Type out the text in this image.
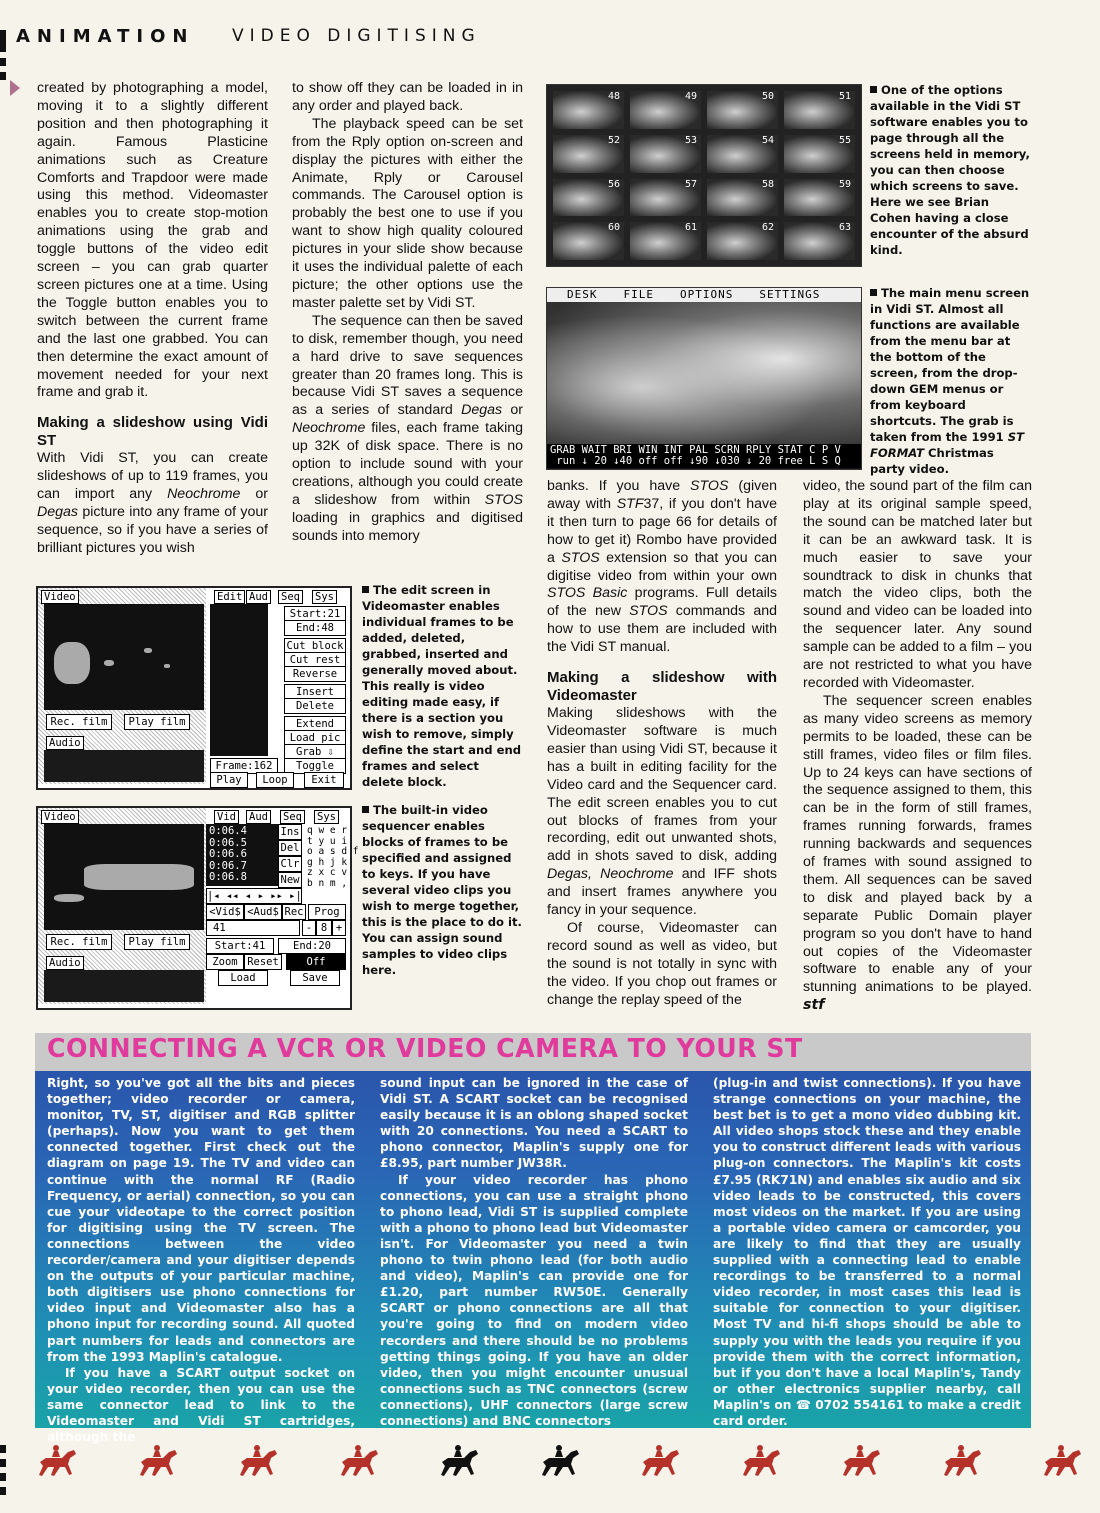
ANIMATION VIDEO DIGITISING

created by photographing a model, moving it to a slightly different position and then photographing it again. Famous Plasticine animations such as Creature Comforts and Trapdoor were made using this method. Videomaster enables you to create stop-motion animations using the grab and toggle buttons of the video edit screen – you can grab quarter screen pictures one at a time. Using the Toggle button enables you to switch between the current frame and the last one grabbed. You can then determine the exact amount of movement needed for your next frame and grab it.

Making a slideshow using Vidi ST

With Vidi ST, you can create slideshows of up to 119 frames, you can import any Neochrome or Degas picture into any frame of your sequence, so if you have a series of brilliant pictures you wish

to show off they can be loaded in in any order and played back.

The playback speed can be set from the Rply option on-screen and display the pictures with either the Animate, Rply or Carousel commands. The Carousel option is probably the best one to use if you want to show high quality coloured pictures in your slide show because it uses the individual palette of each picture; the other options use the master palette set by Vidi ST.

The sequence can then be saved to disk, remember though, you need a hard drive to save sequences greater than 20 frames long. This is because Vidi ST saves a sequence as a series of standard Degas or Neochrome files, each frame taking up 32K of disk space. There is no option to include sound with your creations, although you could create a slideshow from within STOS loading in graphics and digitised sounds into memory

48	49	50	51
52	53	54	55
56	57	58	59
60	61	62	63
One of the options available in the Vidi ST software enables you to page through all the screens held in memory, you can then choose which screens to save. Here we see Brian Cohen having a close encounter of the absurd kind.
DESK FILE OPTIONS SETTINGS
GRAB WAIT BRI WIN INT PAL SCRN RPLY STAT C P V
run ↓ 20 ↓40 off off ↓90 ↓030 ↓ 20 free L S Q
The main menu screen in Vidi ST. Almost all functions are available from the menu bar at the bottom of the screen, from the drop-down GEM menus or from keyboard shortcuts. The grab is taken from the 1991 ST FORMAT Christmas party video.

banks. If you have STOS (given away with STF37, if you don't have it then turn to page 66 for details of how to get it) Rombo have provided a STOS extension so that you can digitise video from within your own STOS Basic programs. Full details of the new STOS commands and how to use them are included with the Vidi ST manual.

Making a slideshow with Videomaster

Making slideshows with the Videomaster software is much easier than using Vidi ST, because it has a built in editing facility for the Video card and the Sequencer card. The edit screen enables you to cut out blocks of frames from your recording, edit out unwanted shots, add in shots saved to disk, adding Degas, Neochrome and IFF shots and insert frames anywhere you fancy in your sequence.

Of course, Videomaster can record sound as well as video, but the sound is not totally in sync with the video. If you chop out frames or change the replay speed of the

video, the sound part of the film can play at its original sample speed, the sound can be matched later but it can be an awkward task. It is much easier to save your soundtrack to disk in chunks that match the video clips, both the sound and video can be loaded into the sequencer later. Any sound sample can be added to a film – you are not restricted to what you have recorded with Videomaster.

The sequencer screen enables as many video screens as memory permits to be loaded, these can be still frames, video files or film files. Up to 24 keys can have sections of the sequence assigned to them, this can be in the form of still frames, frames running forwards, frames running backwards and sequences of frames with sound assigned to them. All sequences can be saved to disk and played back by a separate Public Domain player program so you don't have to hand out copies of the Videomaster software to enable any of your stunning animations to be played. stf

Video
Rec. film	Play film
Audio
Edit Aud Seq Sys
Frame:162
Start:21
End:48
Cut block
Cut rest
Reverse
Insert
Delete
Extend
Load pic
Grab ⇩
Toggle
Play	Loop	Exit
The edit screen in Videomaster enables individual frames to be added, deleted, grabbed, inserted and generally moved about. This really is video editing made easy, if there is a section you wish to remove, simply define the start and end frames and select delete block.
Video
Rec. film	Play film
Audio
Vid Aud Seq Sys
0:06.4
0:06.5
0:06.6
0:06.7
0:06.8
Ins
Del
Clr
New
q w e r
t y u i
o a s d f
g h j k
z x c v
b n m ,
|◂ ◂◂ ◂ ▸ ▸▸ ▸|
<Vid$ <Aud$ Rec	Prog
41	- 8 +
Start:41	End:20
Zoom Reset	Off
Load	Save
The built-in video sequencer enables blocks of frames to be specified and assigned to keys. If you have several video clips you wish to merge together, this is the place to do it. You can assign sound samples to video clips here.
CONNECTING A VCR OR VIDEO CAMERA TO YOUR ST

Right, so you've got all the bits and pieces together; video recorder or camera, monitor, TV, ST, digitiser and RGB splitter (perhaps). Now you want to get them connected together. First check out the diagram on page 19. The TV and video can continue with the normal RF (Radio Frequency, or aerial) connection, so you can cue your videotape to the correct position for digitising using the TV screen. The connections between the video recorder/camera and your digitiser depends on the outputs of your particular machine, both digitisers use phono connections for video input and Videomaster also has a phono input for recording sound. All quoted part numbers for leads and connectors are from the 1993 Maplin's catalogue.

If you have a SCART output socket on your video recorder, then you can use the same connector lead to link to the Videomaster and Vidi ST cartridges, although the

sound input can be ignored in the case of Vidi ST. A SCART socket can be recognised easily because it is an oblong shaped socket with 20 connections. You need a SCART to phono connector, Maplin's supply one for £8.95, part number JW38R.

If your video recorder has phono connections, you can use a straight phono to phono lead, Vidi ST is supplied complete with a phono to phono lead but Videomaster isn't. For Videomaster you need a twin phono to twin phono lead (for both audio and video), Maplin's can provide one for £1.20, part number RW50E. Generally SCART or phono connections are all that you're going to find on modern video recorders and there should be no problems getting things going. If you have an older video, then you might encounter unusual connections such as TNC connectors (screw connections), UHF connectors (large screw connections) and BNC connectors

(plug-in and twist connections). If you have strange connections on your machine, the best bet is to get a mono video dubbing kit. All video shops stock these and they enable you to construct different leads with various plug-on connectors. The Maplin's kit costs £7.95 (RK71N) and enables six audio and six video leads to be constructed, this covers most videos on the market. If you are using a portable video camera or camcorder, you are likely to find that they are usually supplied with a connecting lead to enable recordings to be transferred to a normal video recorder, in most cases this lead is suitable for connection to your digitiser. Most TV and hi-fi shops should be able to supply you with the leads you require if you provide them with the correct information, but if you don't have a local Maplin's, Tandy or other electronics supplier nearby, call Maplin's on ☎ 0702 554161 to make a credit card order.
